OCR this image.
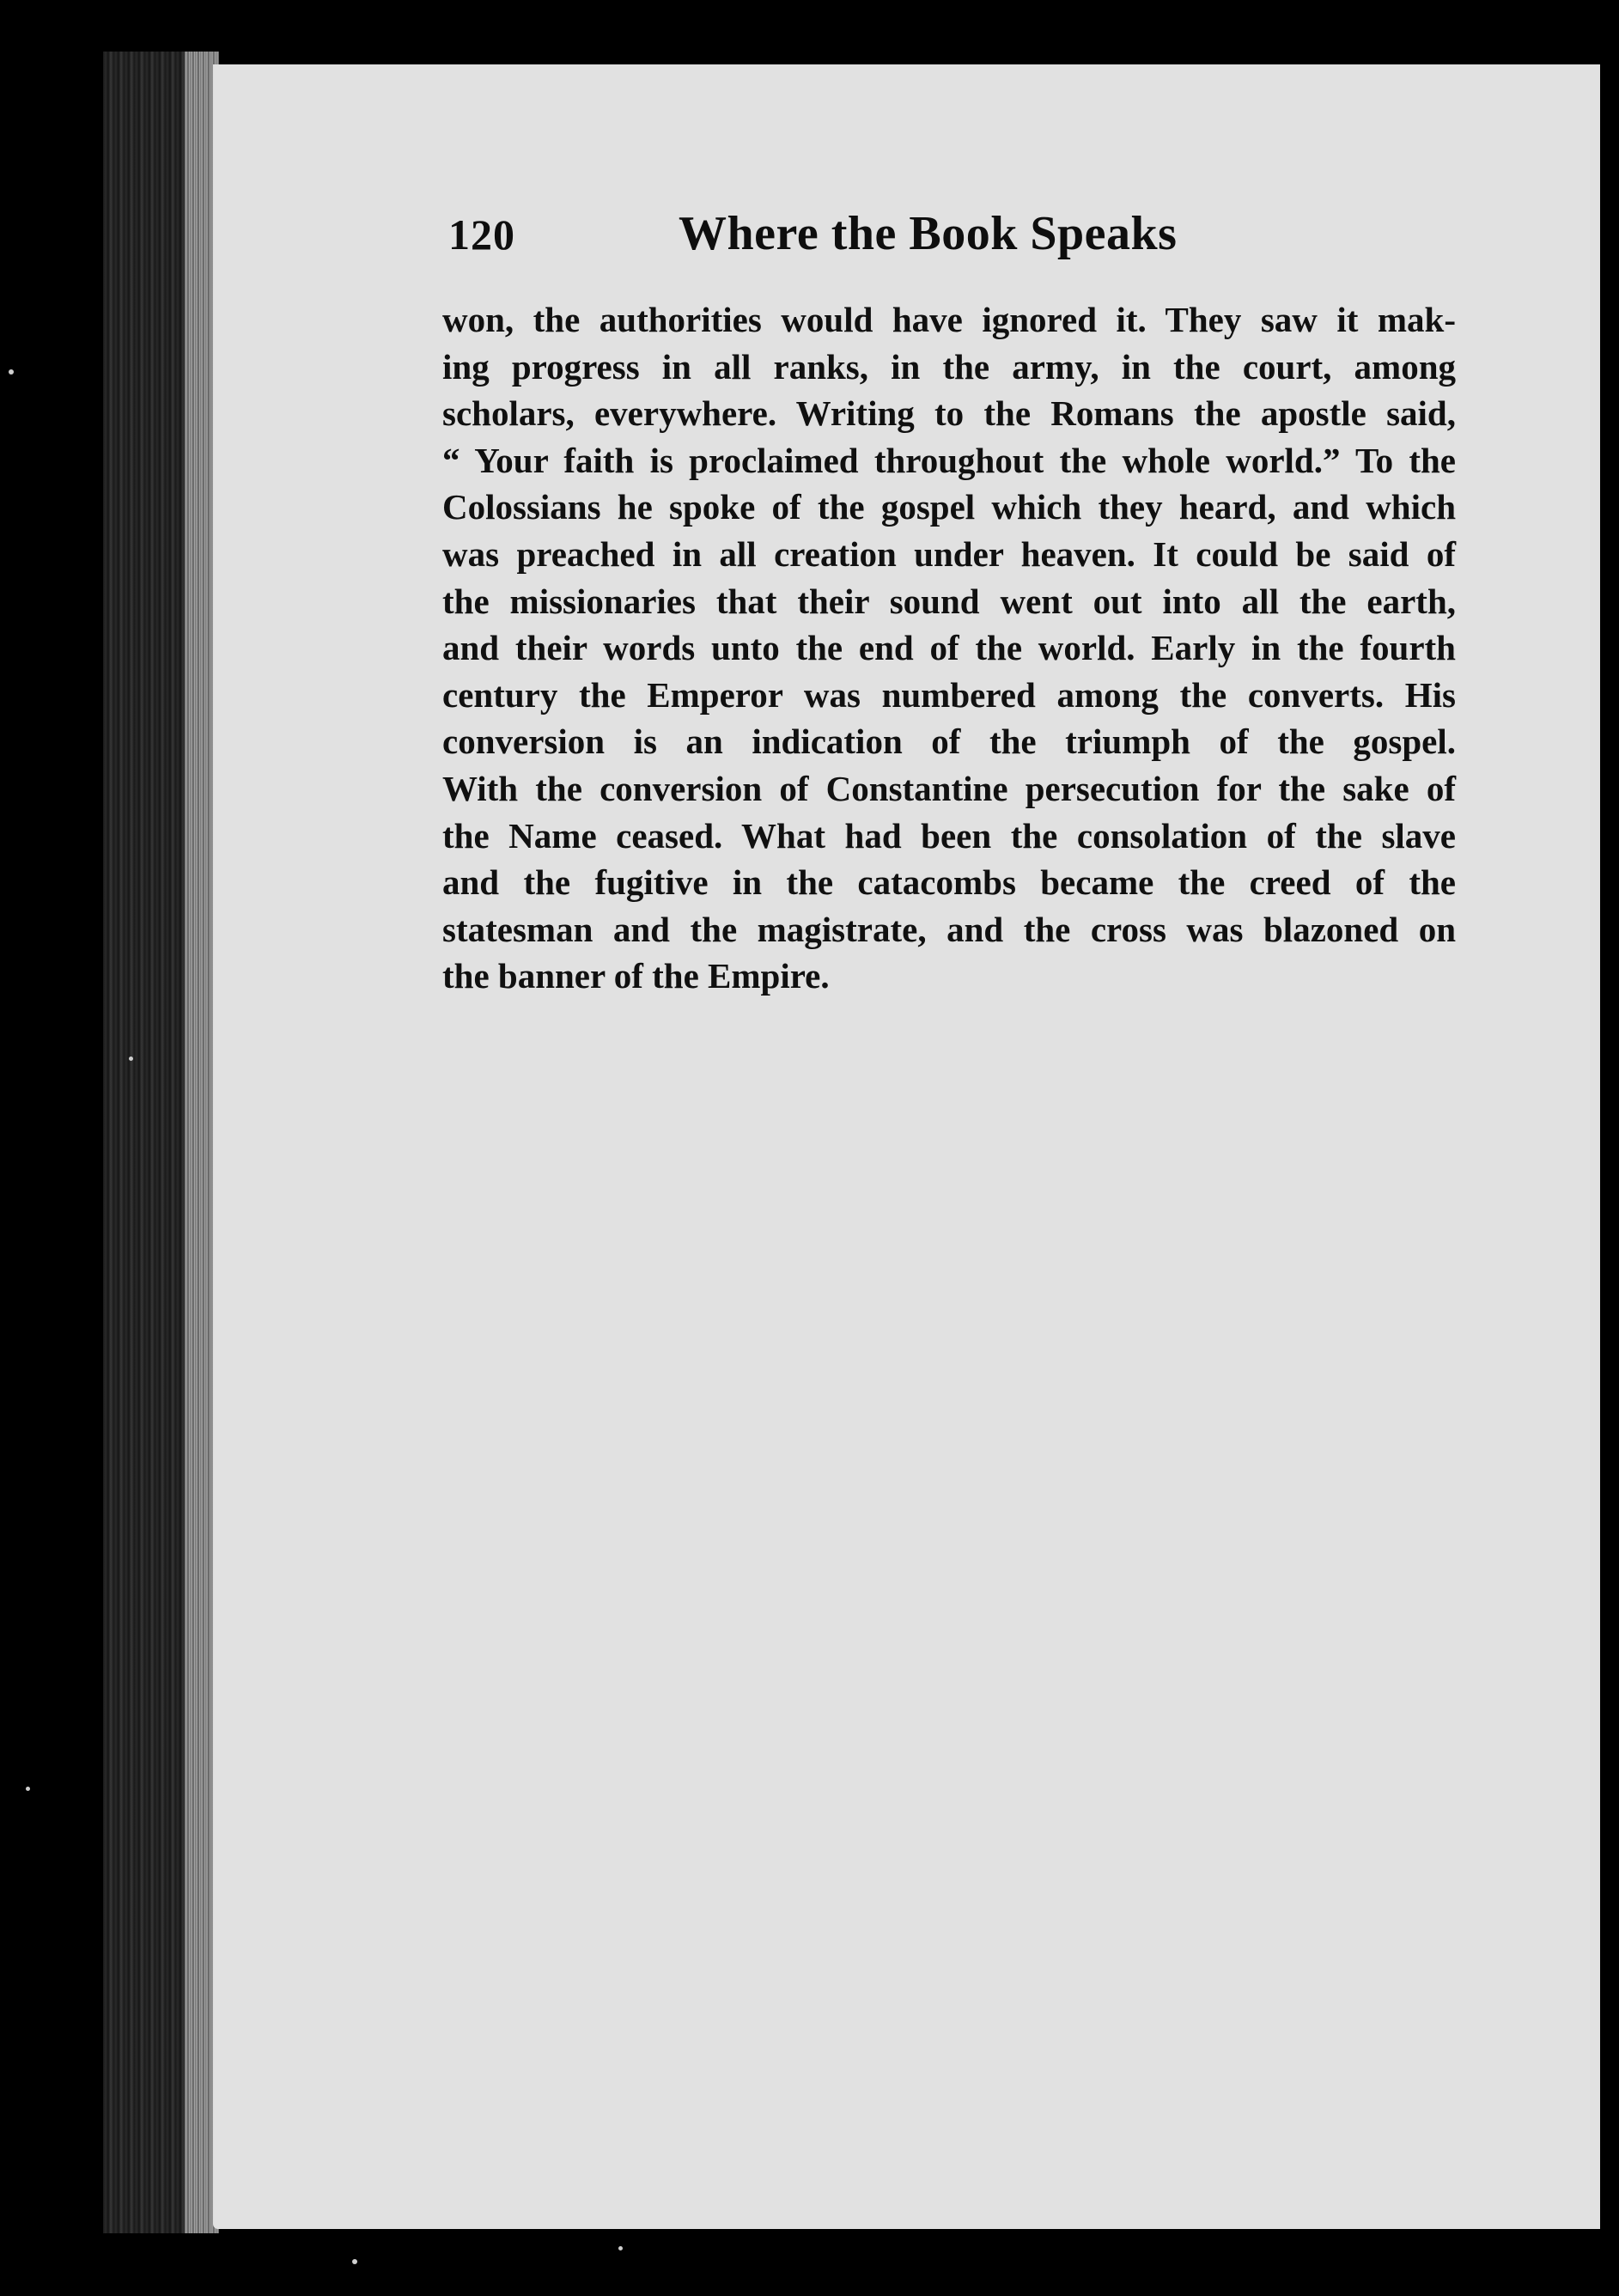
120	Where the Book Speaks
won, the authorities would have ignored it. They saw it mak-
ing progress in all ranks, in the army, in the court, among
scholars, everywhere. Writing to the Romans the apostle said,
“ Your faith is proclaimed throughout the whole world.” To the
Colossians he spoke of the gospel which they heard, and which
was preached in all creation under heaven. It could be said of
the missionaries that their sound went out into all the earth,
and their words unto the end of the world. Early in the fourth
century the Emperor was numbered among the converts. His
conversion is an indication of the triumph of the gospel.
With the conversion of Constantine persecution for the sake of
the Name ceased. What had been the consolation of the slave
and the fugitive in the catacombs became the creed of the
statesman and the magistrate, and the cross was blazoned on
the banner of the Empire.
